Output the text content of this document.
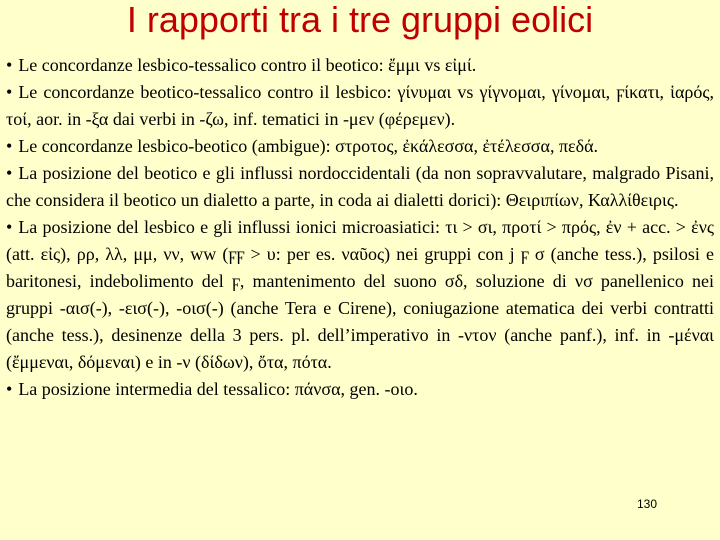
I rapporti tra i tre gruppi eolici

• Le concordanze lesbico-tessalico contro il beotico: ἔμμι vs εἰμί.

• Le concordanze beotico-tessalico contro il lesbico: γίνυμαι vs γίγνομαι, γίνομαι, ϝίκατι, ἱαρός, τοί, aor. in ‑ξα dai verbi in ‑ζω, inf. tematici in ‑μεν (φέρεμεν).

• Le concordanze lesbico-beotico (ambigue): στροτος, ἐκάλεσσα, ἐτέλεσσα, πεδά.

• La posizione del beotico e gli influssi nordoccidentali (da non sopravvalutare, malgrado Pisani, che considera il beotico un dialetto a parte, in coda ai dialetti dorici): Θειριπίων, Καλλίθειρις.

• La posizione del lesbico e gli influssi ionici microasiatici: τι > σι, προτί > πρός, ἐν + acc. > ἐνς (att. εἰς), ρρ, λλ, μμ, νν, ww (ϝϝ > υ: per es. ναῦος) nei gruppi con j ϝ σ (anche tess.), psilosi e baritonesi, indebolimento del ϝ, mantenimento del suono σδ, soluzione di νσ panellenico nei gruppi -αισ(-), -εισ(‑), -οισ(-) (anche Tera e Cirene), coniugazione atematica dei verbi contratti (anche tess.), desinenze della 3 pers. pl. dell’imperativo in -ντον (anche panf.), inf. in ‑μέναι (ἔμμεναι, δόμεναι) e in ‑ν (δίδων), ὄτα, πότα.

• La posizione intermedia del tessalico: πάνσα, gen. ‑οιο.

130
